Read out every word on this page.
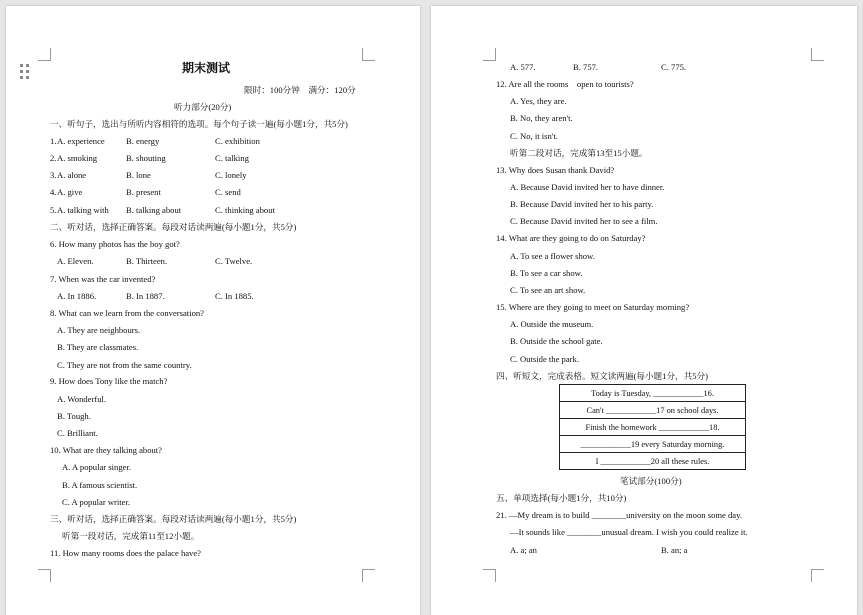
期末测试
限时：100分钟　满分：120分
听力部分(20分)
一、听句子，选出与所听内容相符的选项。每个句子读一遍(每小题1分，共5分)
1. A. experience B. energy	C. exhibition
2. A. smoking	B. shouting	C. talking
3. A. alone	B. lone	C. lonely
4. A. give	B. present	C. send
5. A. talking with B. talking about	C. thinking about
二、听对话，选择正确答案。每段对话读两遍(每小题1分，共5分)
6. How many photos has the boy got?
A. Eleven.	B. Thirteen.	C. Twelve.
7. When was the car invented?
A. In 1886.	B. In 1887.	C. In 1885.
8. What can we learn from the conversation?
A. They are neighbours.
B. They are classmates.
C. They are not from the same country.
9. How does Tony like the match?
A. Wonderful.
B. Tough.
C. Brilliant.
10. What are they talking about?
A. A popular singer.
B. A famous scientist.
C. A popular writer.
三、听对话，选择正确答案。每段对话读两遍(每小题1分，共5分)
听第一段对话，完成第11至12小题。
11. How many rooms does the palace have?
A. 577.	B. 757.	C. 775.
12. Are all the rooms　open to tourists?
A. Yes, they are.
B. No, they aren't.
C. No, it isn't.
听第二段对话，完成第13至15小题。
13. Why does Susan thank David?
A. Because David invited her to have dinner.
B. Because David invited her to his party.
C. Because David invited her to see a film.
14. What are they going to do on Saturday?
A. To see a flower show.
B. To see a car show.
C. To see an art show.
15. Where are they going to meet on Saturday morning?
A. Outside the museum.
B. Outside the school gate.
C. Outside the park.
四、听短文，完成表格。短文读两遍(每小题1分，共5分)
Today is Tuesday, ____________16.
Can't ____________17 on school days.
Finish the homework ____________18.
____________19 every Saturday morning.
I ____________20 all these rules.
笔试部分(100分)
五、单项选择(每小题1分，共10分)
21. —My dream is to build ________university on the moon some day.
—It sounds like ________unusual dream. I wish you could realize it.
A. a; an	B. an; a
